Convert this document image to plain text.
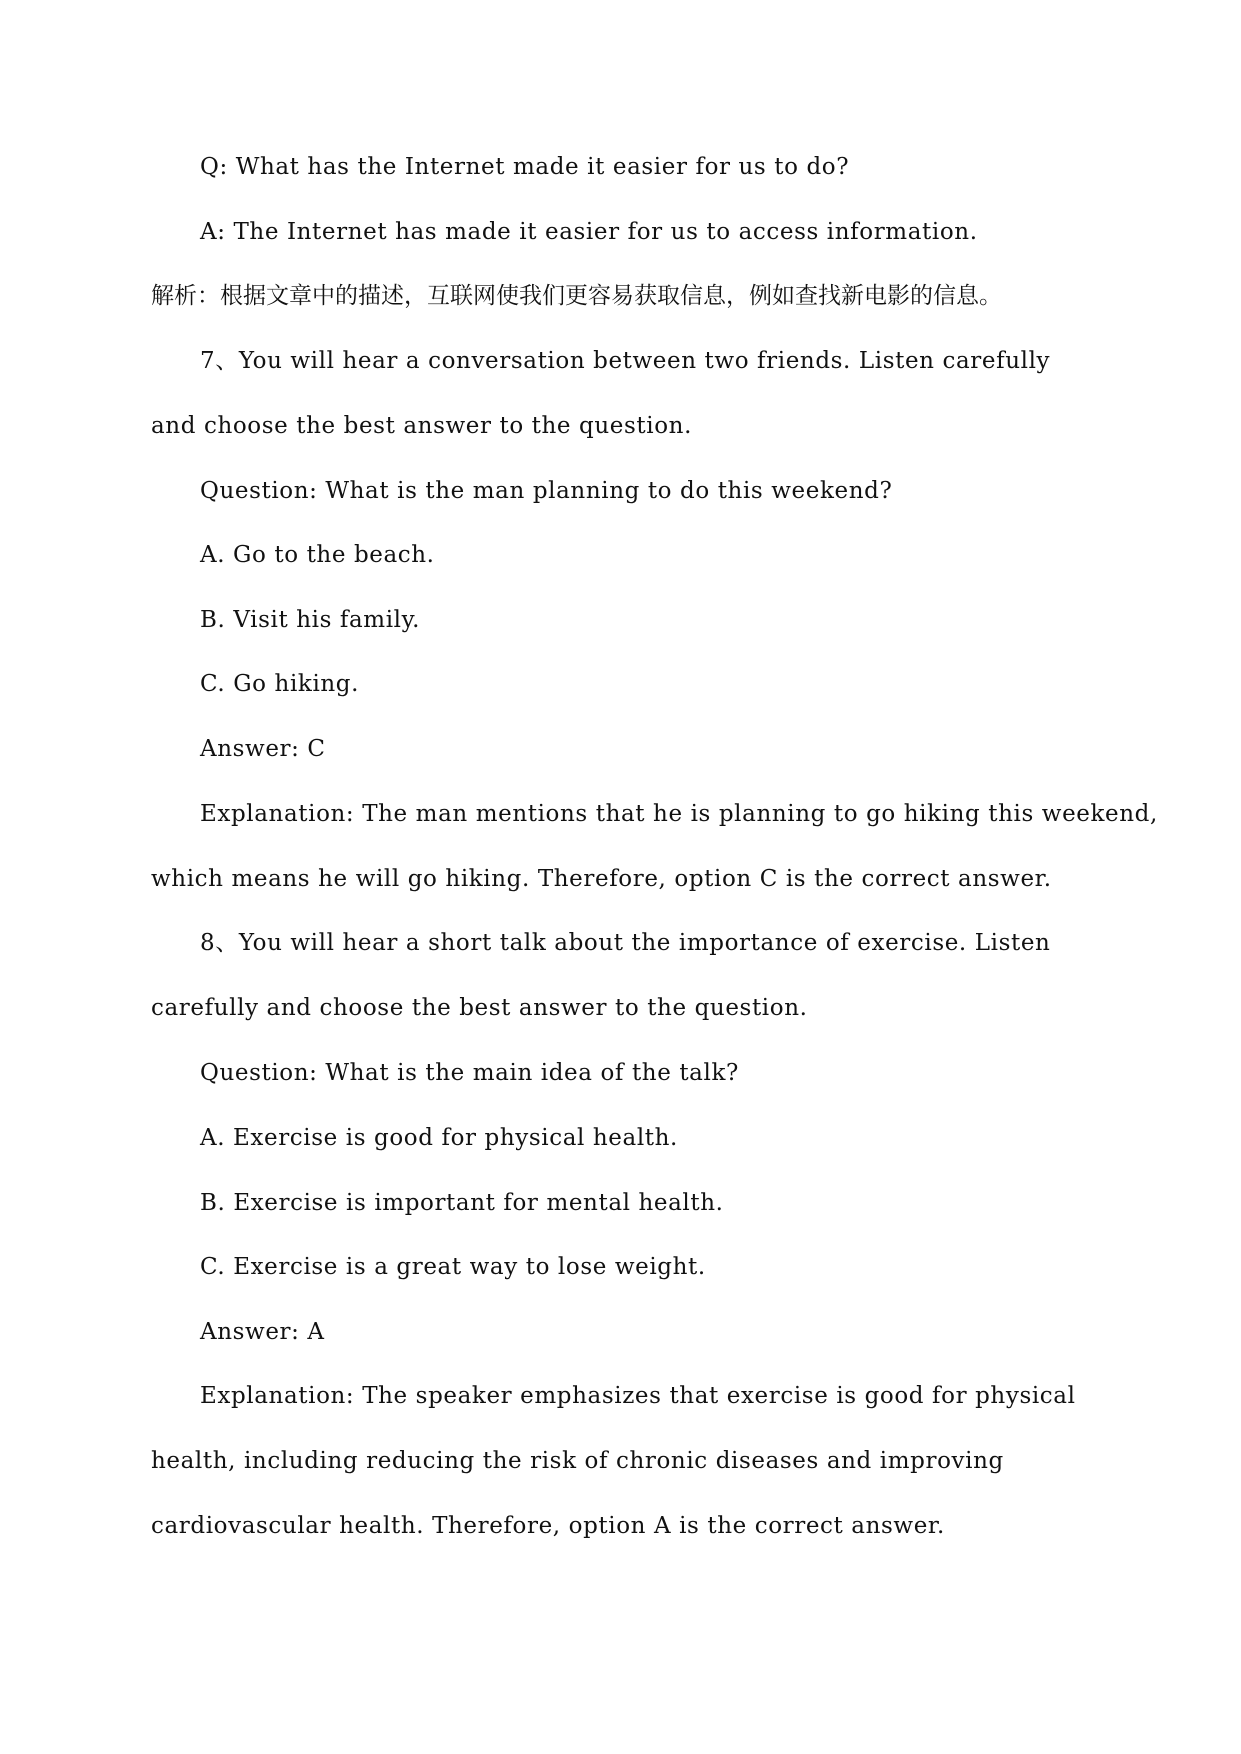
Q: What has the Internet made it easier for us to do?
A: The Internet has made it easier for us to access information.
解析：根据文章中的描述，互联网使我们更容易获取信息，例如查找新电影的信息。
7、You will hear a conversation between two friends. Listen carefully
and choose the best answer to the question.
Question: What is the man planning to do this weekend?
A. Go to the beach.
B. Visit his family.
C. Go hiking.
Answer: C
Explanation: The man mentions that he is planning to go hiking this weekend,
which means he will go hiking. Therefore, option C is the correct answer.
8、You will hear a short talk about the importance of exercise. Listen
carefully and choose the best answer to the question.
Question: What is the main idea of the talk?
A. Exercise is good for physical health.
B. Exercise is important for mental health.
C. Exercise is a great way to lose weight.
Answer: A
Explanation: The speaker emphasizes that exercise is good for physical
health, including reducing the risk of chronic diseases and improving
cardiovascular health. Therefore, option A is the correct answer.
